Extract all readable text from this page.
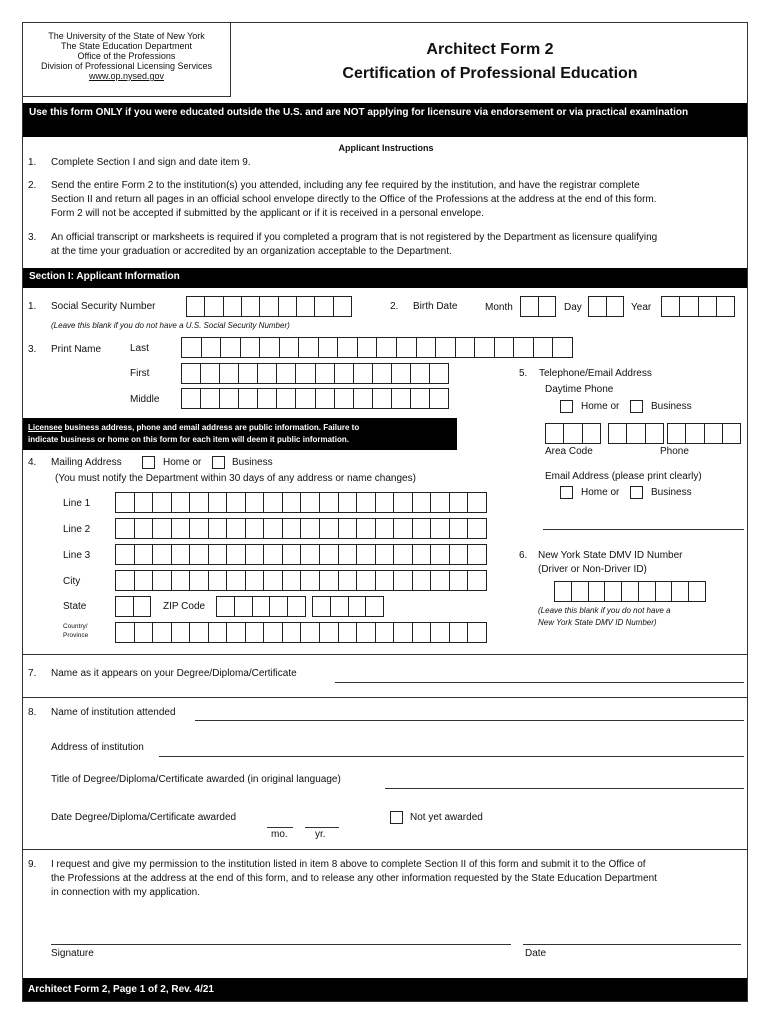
The University of the State of New York
The State Education Department
Office of the Professions
Division of Professional Licensing Services
www.op.nysed.gov
Architect Form 2
Certification of Professional Education
Use this form ONLY if you were educated outside the U.S. and are NOT applying for licensure via endorsement or via practical examination
Applicant Instructions
1. Complete Section I and sign and date item 9.
2. Send the entire Form 2 to the institution(s) you attended, including any fee required by the institution, and have the registrar complete
Section II and return all pages in an official school envelope directly to the Office of the Professions at the address at the end of this form.
Form 2 will not be accepted if submitted by the applicant or if it is received in a personal envelope.
3. An official transcript or marksheets is required if you completed a program that is not registered by the Department as licensure qualifying
at the time your graduation or accredited by an organization acceptable to the Department.
Section I: Applicant Information
1. Social Security Number
(Leave this blank if you do not have a U.S. Social Security Number)
2. Birth Date	Month	Day	Year
3. Print Name	Last
First
Middle
Licensee business address, phone and email address are public information. Failure to
indicate business or home on this form for each item will deem it public information.
4. Mailing Address	Home or	Business
(You must notify the Department within 30 days of any address or name changes)
Line 1
Line 2
Line 3
City
State	ZIP Code
Country/
Province
5. Telephone/Email Address
Daytime Phone
Home or	Business
Area Code	Phone
Email Address (please print clearly)
Home or	Business
6. New York State DMV ID Number
(Driver or Non-Driver ID)
(Leave this blank if you do not have a
New York State DMV ID Number)
7. Name as it appears on your Degree/Diploma/Certificate
8. Name of institution attended
Address of institution
Title of Degree/Diploma/Certificate awarded (in original language)
Date Degree/Diploma/Certificate awarded
mo.	yr.
Not yet awarded
9. I request and give my permission to the institution listed in item 8 above to complete Section II of this form and submit it to the Office of
the Professions at the address at the end of this form, and to release any other information requested by the State Education Department
in connection with my application.
Signature	Date
Architect Form 2, Page 1 of 2, Rev. 4/21
